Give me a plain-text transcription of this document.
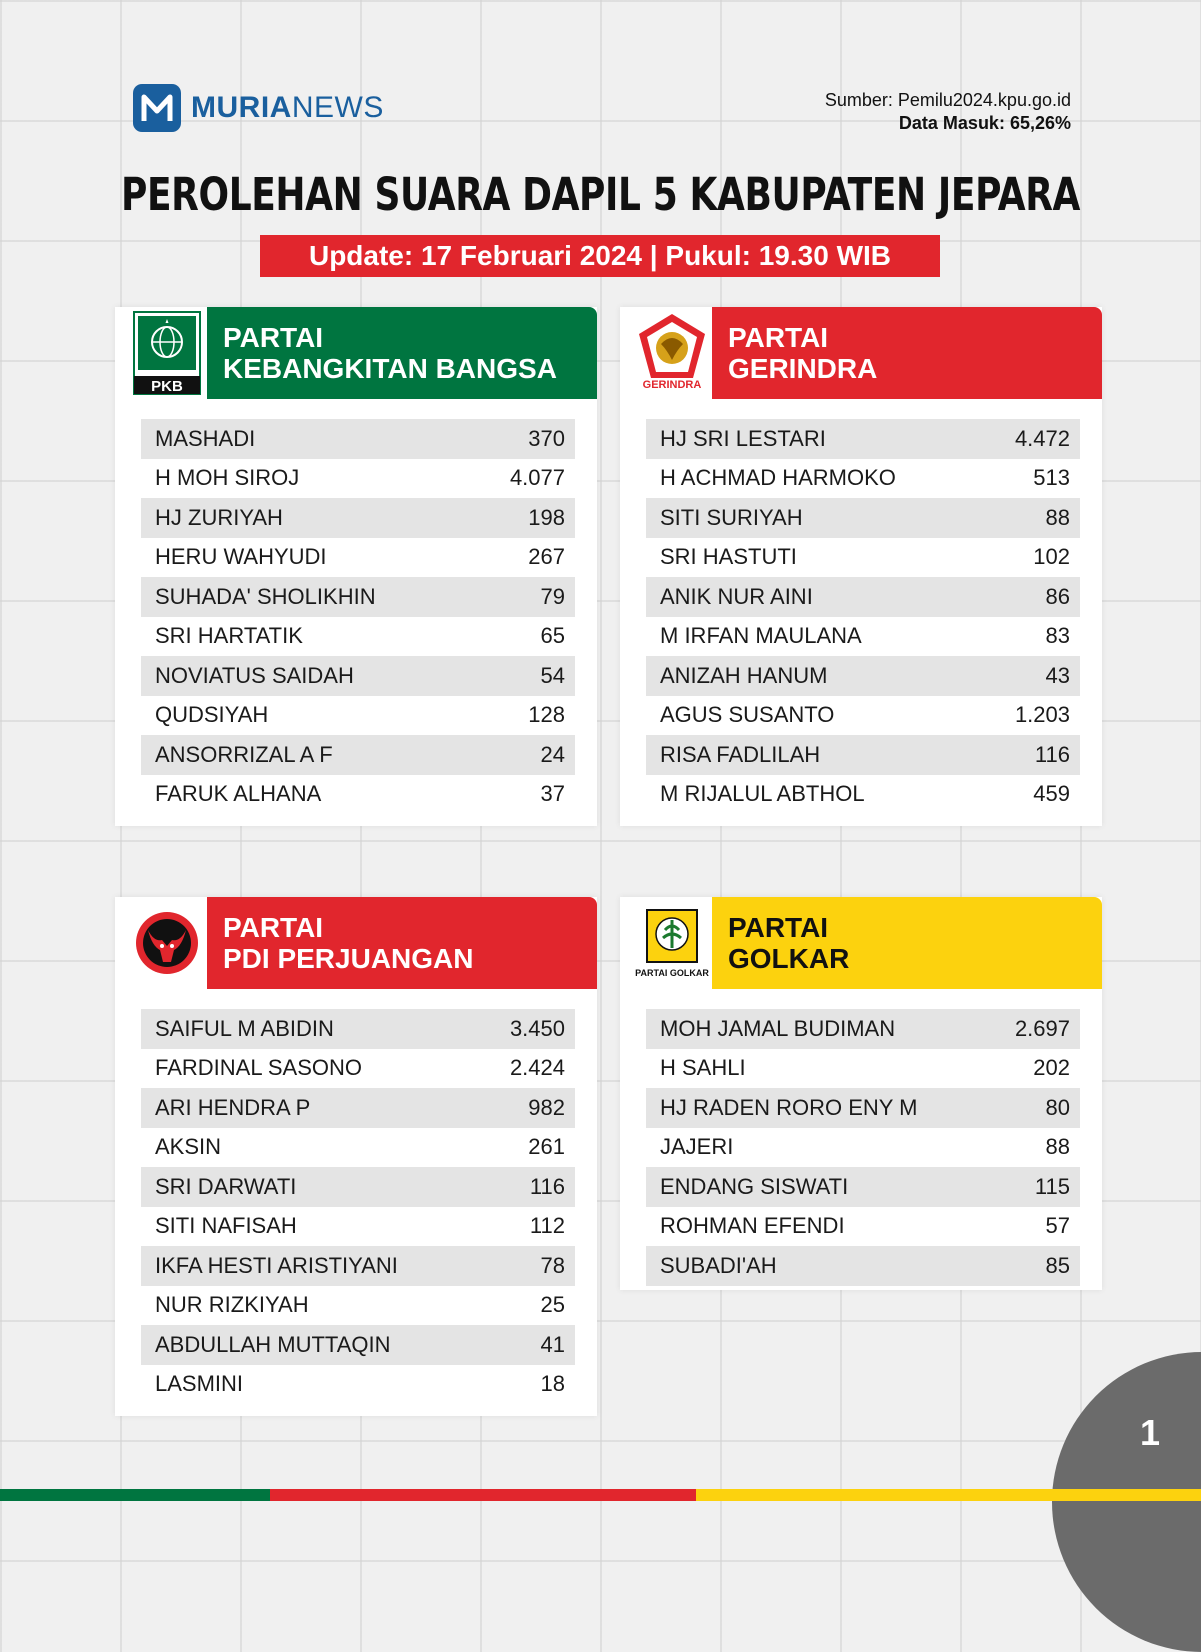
MURIANEWS	Sumber: Pemilu2024.kpu.go.id
Data Masuk: 65,26%
PEROLEHAN SUARA DAPIL 5 KABUPATEN JEPARA
Update: 17 Februari 2024 | Pukul: 19.30 WIB
PKB
PARTAI
KEBANGKITAN BANGSA
MASHADI	370
H MOH SIROJ	4.077
HJ ZURIYAH	198
HERU WAHYUDI	267
SUHADA' SHOLIKHIN	79
SRI HARTATIK	65
NOVIATUS SAIDAH	54
QUDSIYAH	128
ANSORRIZAL A F	24
FARUK ALHANA	37
GERINDRA
PARTAI
GERINDRA
HJ SRI LESTARI	4.472
H ACHMAD HARMOKO	513
SITI SURIYAH	88
SRI HASTUTI	102
ANIK NUR AINI	86
M IRFAN MAULANA	83
ANIZAH HANUM	43
AGUS SUSANTO	1.203
RISA FADLILAH	116
M RIJALUL ABTHOL	459
PARTAI
PDI PERJUANGAN
SAIFUL M ABIDIN	3.450
FARDINAL SASONO	2.424
ARI HENDRA P	982
AKSIN	261
SRI DARWATI	116
SITI NAFISAH	112
IKFA HESTI ARISTIYANI	78
NUR RIZKIYAH	25
ABDULLAH MUTTAQIN	41
LASMINI	18
PARTAI GOLKAR
PARTAI
GOLKAR
MOH JAMAL BUDIMAN	2.697
H SAHLI	202
HJ RADEN RORO ENY M	80
JAJERI	88
ENDANG SISWATI	115
ROHMAN EFENDI	57
SUBADI'AH	85
1
